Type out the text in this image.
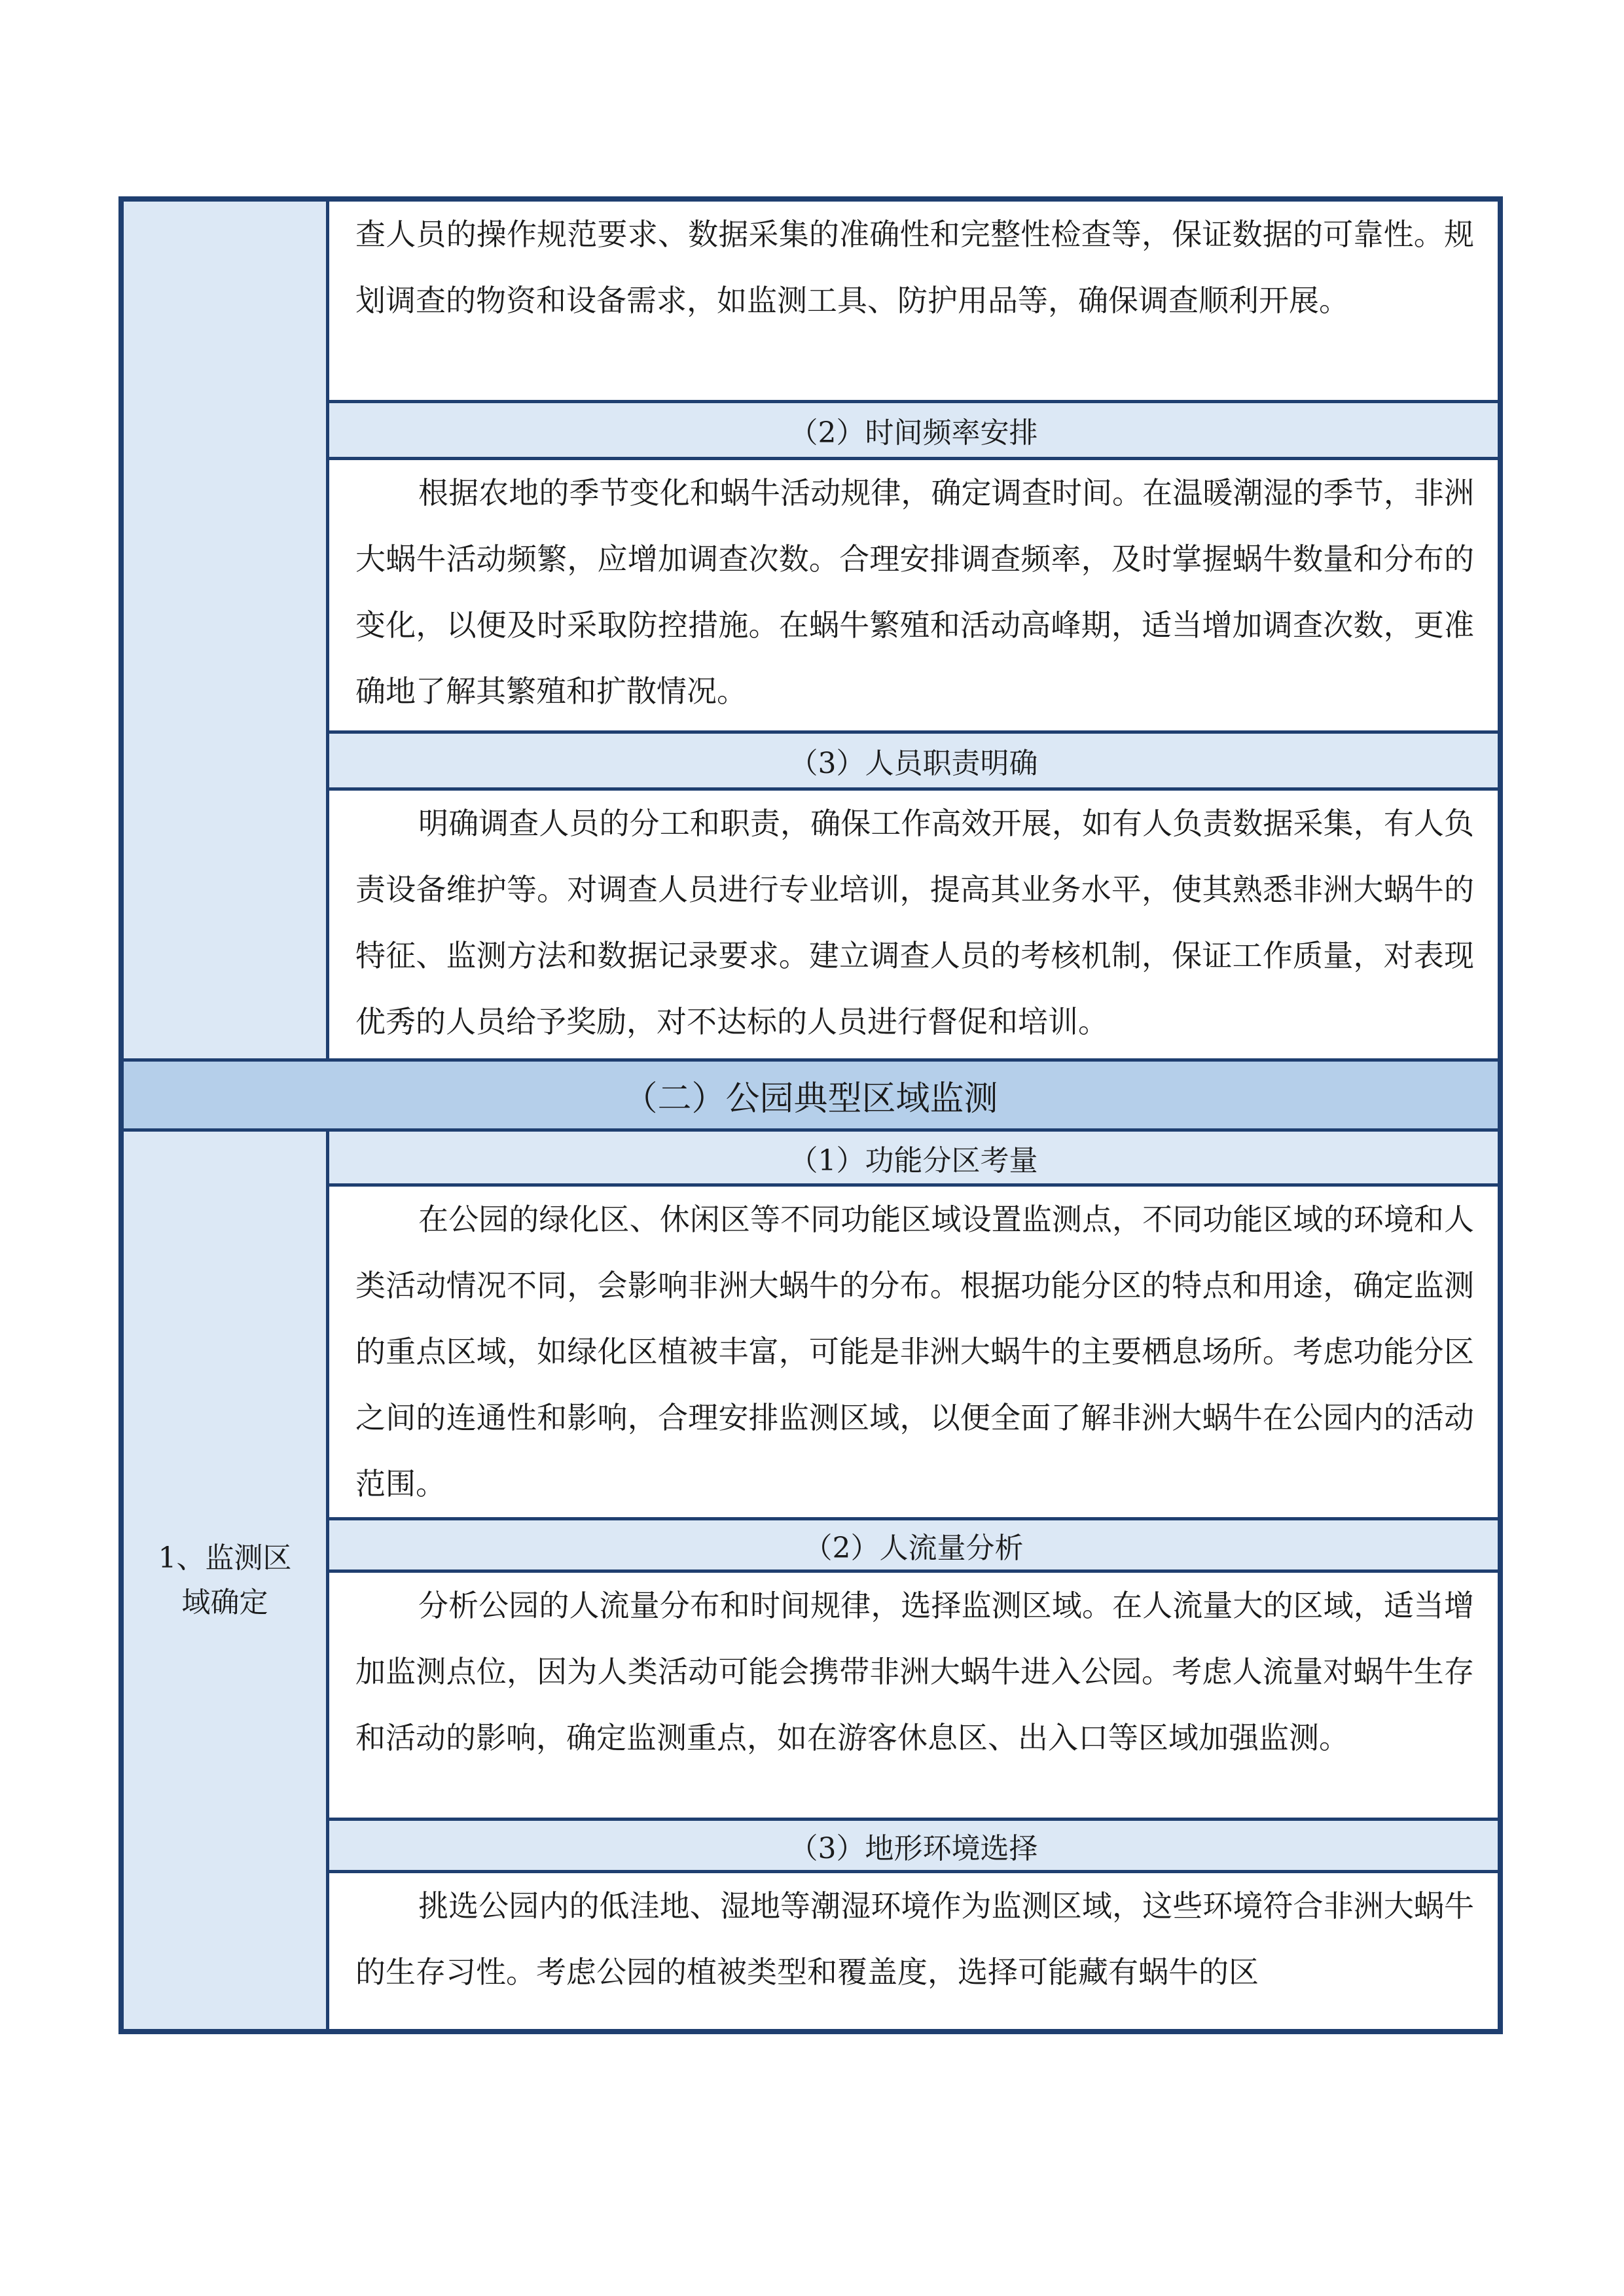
查人员的操作规范要求、数据采集的准确性和完整性检查等，保证数据的可靠性。规划调查的物资和设备需求，如监测工具、防护用品等，确保调查顺利开展。
（2）时间频率安排
根据农地的季节变化和蜗牛活动规律，确定调查时间。在温暖潮湿的季节，非洲大蜗牛活动频繁，应增加调查次数。合理安排调查频率，及时掌握蜗牛数量和分布的变化，以便及时采取防控措施。在蜗牛繁殖和活动高峰期，适当增加调查次数，更准确地了解其繁殖和扩散情况。
（3）人员职责明确
明确调查人员的分工和职责，确保工作高效开展，如有人负责数据采集，有人负责设备维护等。对调查人员进行专业培训，提高其业务水平，使其熟悉非洲大蜗牛的特征、监测方法和数据记录要求。建立调查人员的考核机制，保证工作质量，对表现优秀的人员给予奖励，对不达标的人员进行督促和培训。
（二）公园典型区域监测
1、监测区域确定
（1）功能分区考量
在公园的绿化区、休闲区等不同功能区域设置监测点，不同功能区域的环境和人类活动情况不同，会影响非洲大蜗牛的分布。根据功能分区的特点和用途，确定监测的重点区域，如绿化区植被丰富，可能是非洲大蜗牛的主要栖息场所。考虑功能分区之间的连通性和影响，合理安排监测区域，以便全面了解非洲大蜗牛在公园内的活动范围。
（2）人流量分析
分析公园的人流量分布和时间规律，选择监测区域。在人流量大的区域，适当增加监测点位，因为人类活动可能会携带非洲大蜗牛进入公园。考虑人流量对蜗牛生存和活动的影响，确定监测重点，如在游客休息区、出入口等区域加强监测。
（3）地形环境选择
挑选公园内的低洼地、湿地等潮湿环境作为监测区域，这些环境符合非洲大蜗牛的生存习性。考虑公园的植被类型和覆盖度，选择可能藏有蜗牛的区
